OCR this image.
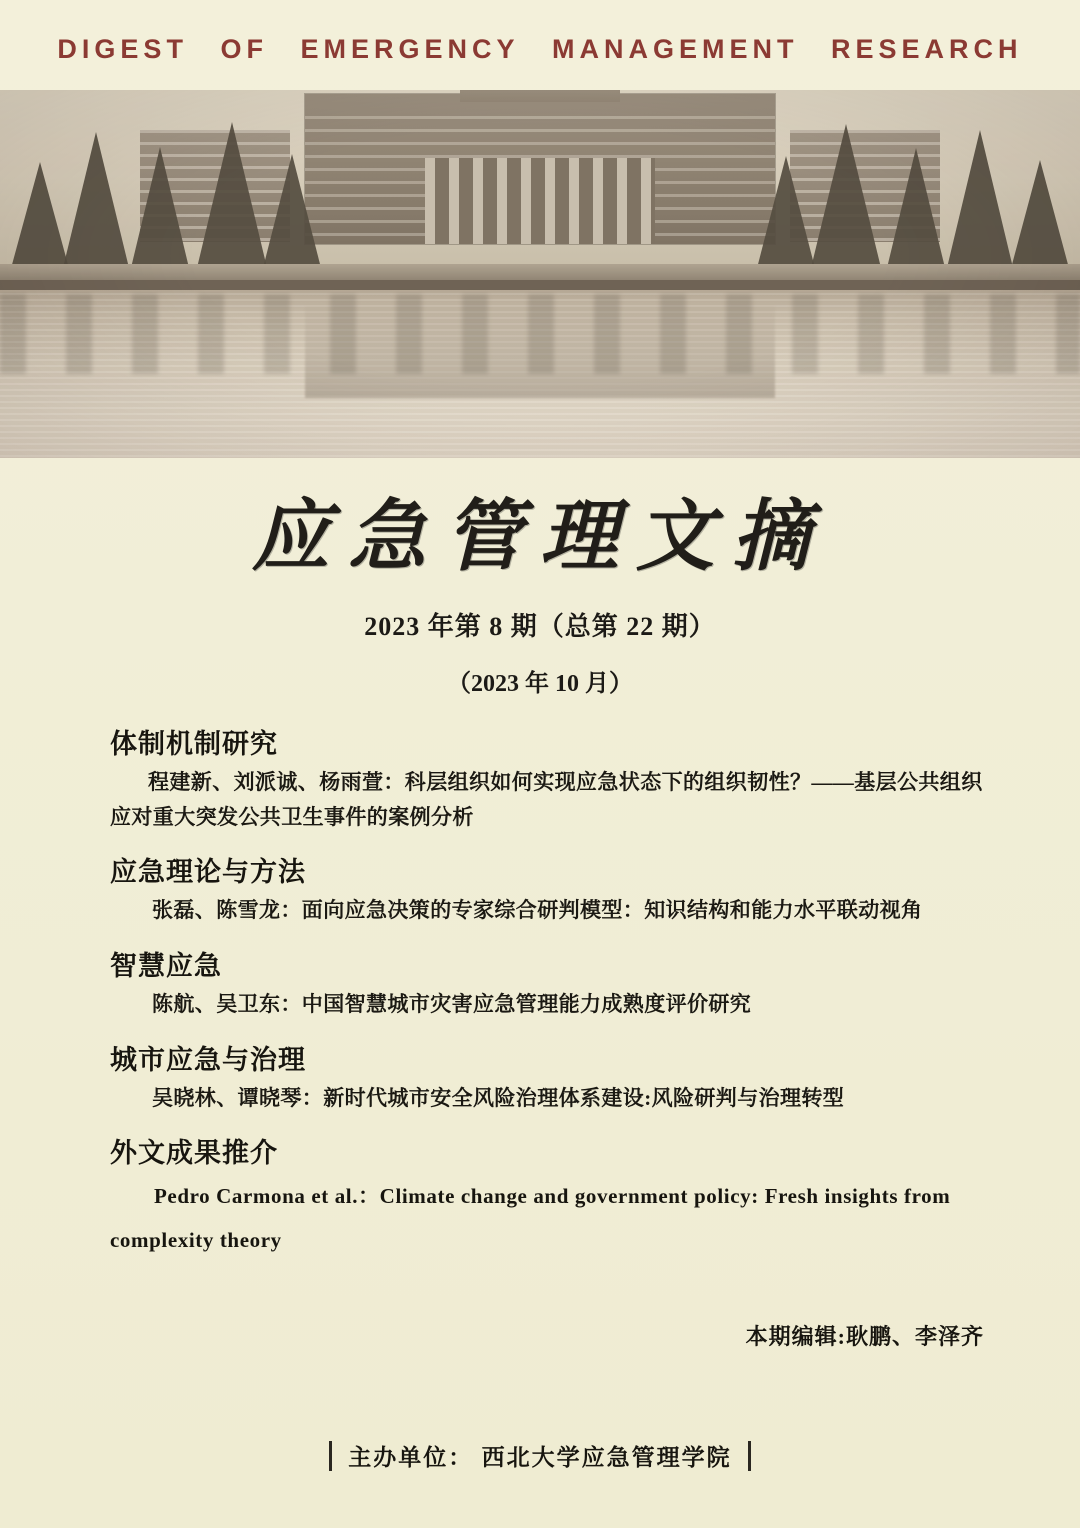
DIGEST OF EMERGENCY MANAGEMENT RESEARCH
应急管理文摘
2023 年第 8 期（总第 22 期）
（2023 年 10 月）
体制机制研究
程建新、刘派诚、杨雨萱：科层组织如何实现应急状态下的组织韧性？——基层公共组织应对重大突发公共卫生事件的案例分析
应急理论与方法
张磊、陈雪龙：面向应急决策的专家综合研判模型：知识结构和能力水平联动视角
智慧应急
陈航、吴卫东：中国智慧城市灾害应急管理能力成熟度评价研究
城市应急与治理
吴晓林、谭晓琴：新时代城市安全风险治理体系建设:风险研判与治理转型
外文成果推介
Pedro Carmona et al.：Climate change and government policy: Fresh insights from complexity theory
本期编辑:耿鹏、李泽齐
主办单位： 西北大学应急管理学院
